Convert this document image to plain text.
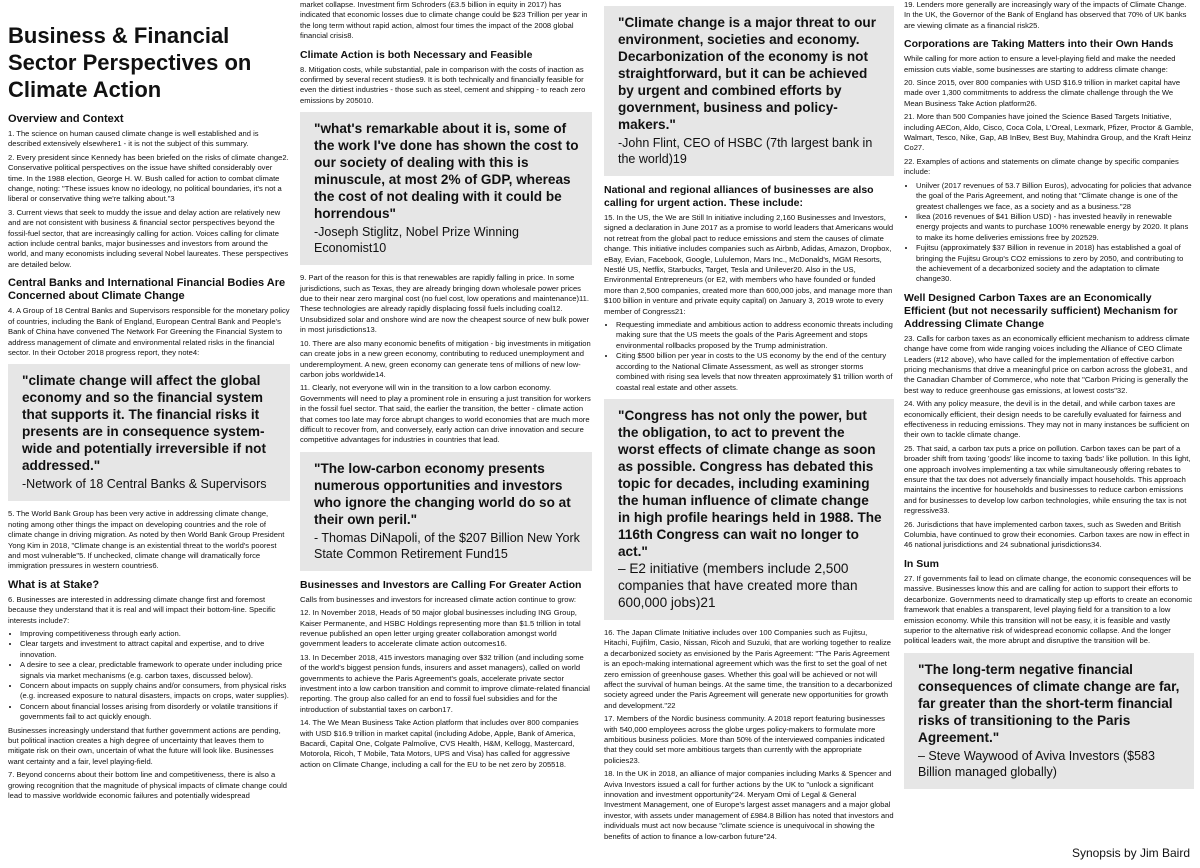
Business & Financial Sector Perspectives on Climate Action
Overview and Context

1. The science on human caused climate change is well established and is described extensively elsewhere1 - it is not the subject of this summary.

2. Every president since Kennedy has been briefed on the risks of climate change2. Conservative political perspectives on the issue have shifted considerably over time. In the 1988 election, George H. W. Bush called for action to combat climate change, noting: "These issues know no ideology, no political boundaries, it's not a liberal or conservative thing we're talking about."3

3. Current views that seek to muddy the issue and delay action are relatively new and are not consistent with business & financial sector perspectives beyond the fossil-fuel sector, that are increasingly calling for action. Voices calling for climate action include central banks, major businesses and investors from around the world, and many economists including several Nobel laureates. These perspectives are detailed below.

Central Banks and International Financial Bodies Are Concerned about Climate Change

4. A Group of 18 Central Banks and Supervisors responsible for the monetary policy of countries, including the Bank of England, European Central Bank and People's Bank of China have convened The Network For Greening the Financial System to address management of climate and environmental related risks in the financial sector. In their October 2018 progress report, they note4:

"climate change will affect the global economy and so the financial system that supports it. The financial risks it presents are in consequence system-wide and potentially irreversible if not addressed."
-Network of 18 Central Banks & Supervisors

5. The World Bank Group has been very active in addressing climate change, noting among other things the impact on developing countries and the role of climate change in driving migration. As noted by then World Bank Group President Yong Kim in 2018, "Climate change is an existential threat to the world's poorest and most vulnerable"5. If unchecked, climate change will dramatically force immigration pressures in western countries6.

What is at Stake?

6. Businesses are interested in addressing climate change first and foremost because they understand that it is real and will impact their bottom-line. Specific interests include7:

• Improving competitiveness through early action.
• Clear targets and investment to attract capital and expertise, and to drive innovation.
• A desire to see a clear, predictable framework to operate under including price signals via market mechanisms (e.g. carbon taxes, discussed below).
• Concern about impacts on supply chains and/or consumers, from physical risks (e.g. increased exposure to natural disasters, impacts on crops, water supplies).
• Concern about financial losses arising from disorderly or volatile transitions if governments fail to act quickly enough.

Businesses increasingly understand that further government actions are pending, but political inaction creates a high degree of uncertainty that leaves them to mitigate risk on their own, uncertain of what the future will look like. Businesses want certainty and a fair, level playing-field.

7. Beyond concerns about their bottom line and competitiveness, there is also a growing recognition that the magnitude of physical impacts of climate change could lead to massive worldwide economic failures and potentially widespread

market collapse. Investment firm Schroders (£3.5 billion in equity in 2017) has indicated that economic losses due to climate change could be $23 Trillion per year in the long term without rapid action, almost four times the impact of the 2008 global financial crisis8.

Climate Action is both Necessary and Feasible

8. Mitigation costs, while substantial, pale in comparison with the costs of inaction as confirmed by several recent studies9. It is both technically and financially feasible for even the dirtiest industries - those such as steel, cement and shipping - to reach zero emissions by 205010.

"what's remarkable about it is, some of the work I've done has shown the cost to our society of dealing with this is minuscule, at most 2% of GDP, whereas the cost of not dealing with it could be horrendous"
-Joseph Stiglitz, Nobel Prize Winning Economist10

9. Part of the reason for this is that renewables are rapidly falling in price. In some jurisdictions, such as Texas, they are already bringing down wholesale power prices due to their near zero marginal cost (no fuel cost, low operations and maintenance)11. These technologies are already rapidly displacing fossil fuels including coal12. Unsubsidized solar and onshore wind are now the cheapest source of new bulk power in most jurisdictions13.

10. There are also many economic benefits of mitigation - big investments in mitigation can create jobs in a new green economy, contributing to reduced unemployment and underemployment. A new, green economy can generate tens of millions of new low-carbon jobs worldwide14.

11. Clearly, not everyone will win in the transition to a low carbon economy. Governments will need to play a prominent role in ensuring a just transition for workers in the fossil fuel sector. That said, the earlier the transition, the better - climate action that comes too late may force abrupt changes to world economies that are much more difficult to recover from, and conversely, early action can drive innovation and secure competitive advantages for industries in countries that lead.

"The low-carbon economy presents numerous opportunities and investors who ignore the changing world do so at their own peril."
- Thomas DiNapoli, of the $207 Billion New York State Common Retirement Fund15
Businesses and Investors are Calling For Greater Action

Calls from businesses and investors for increased climate action continue to grow:

12. In November 2018, Heads of 50 major global businesses including ING Group, Kaiser Permanente, and HSBC Holdings representing more than $1.5 trillion in total revenue published an open letter urging greater collaboration amongst world government leaders to accelerate climate action outcomes16.

13. In December 2018, 415 investors managing over $32 trillion (and including some of the world's biggest pension funds, insurers and asset managers), called on world governments to achieve the Paris Agreement's goals, accelerate private sector investment into a low carbon transition and commit to improve climate-related financial reporting. The group also called for an end to fossil fuel subsidies and for the introduction of substantial taxes on carbon17.

14. The We Mean Business Take Action platform that includes over 800 companies with USD $16.9 trillion in market capital (including Adobe, Apple, Bank of America, Bacardi, Capital One, Colgate Palmolive, CVS Health, H&M, Kellogg, Mastercard, Motorola, Ricoh, T Mobile, Tata Motors, UPS and Visa) has called for aggressive action on Climate Change, including a call for the EU to be net zero by 205518.

"Climate change is a major threat to our environment, societies and economy. Decarbonization of the economy is not straightforward, but it can be achieved by urgent and combined efforts by government, business and policy-makers."
-John Flint, CEO of HSBC (7th largest bank in the world)19
National and regional alliances of businesses are also calling for urgent action. These include:

15. In the US, the We are Still In initiative including 2,160 Businesses and Investors, signed a declaration in June 2017 as a promise to world leaders that Americans would not retreat from the global pact to reduce emissions and stem the causes of climate change. This initiative includes companies such as Airbnb, Adidas, Amazon, Dropbox, eBay, Evian, Facebook, Google, Lululemon, Mars Inc., McDonald's, MGM Resorts, Nestlé US, Netflix, Starbucks, Target, Tesla and Unilever20. Also in the US, Environmental Entrepreneurs (or E2, with members who have founded or funded more than 2,500 companies, created more than 600,000 jobs, and manage more than $100 billion in venture and private equity capital) on January 3, 2019 wrote to every member of Congress21:

• Requesting immediate and ambitious action to address economic threats including making sure that the US meets the goals of the Paris Agreement and stops environmental rollbacks proposed by the Trump administration.
• Citing $500 billion per year in costs to the US economy by the end of the century according to the National Climate Assessment, as well as stronger storms combined with rising sea levels that now threaten approximately $1 trillion worth of coastal real estate and other assets.
"Congress has not only the power, but the obligation, to act to prevent the worst effects of climate change as soon as possible. Congress has debated this topic for decades, including examining the human influence of climate change in high profile hearings held in 1988. The 116th Congress can wait no longer to act."
– E2 initiative (members include 2,500 companies that have created more than 600,000 jobs)21

16. The Japan Climate Initiative includes over 100 Companies such as Fujitsu, Hitachi, Fujifilm, Casio, Nissan, Ricoh and Suzuki, that are working together to realize a decarbonized society as envisioned by the Paris Agreement: "The Paris Agreement is an epoch-making international agreement which was the first to set the goal of net zero emission of greenhouse gases. Whether this goal will be achieved or not will affect the survival of human beings. At the same time, the transition to a decarbonized society agreed under the Paris Agreement will generate new opportunities for growth and development."22

17. Members of the Nordic business community. A 2018 report featuring businesses with 540,000 employees across the globe urges policy-makers to formulate more ambitious business policies. More than 50% of the interviewed companies indicated that they could set more ambitious targets than currently with the appropriate policies23.

18. In the UK in 2018, an alliance of major companies including Marks & Spencer and Aviva Investors issued a call for further actions by the UK to "unlock a significant innovation and investment opportunity"24. Meryam Omi of Legal & General Investment Management, one of Europe's largest asset managers and a major global investor, with assets under management of £984.8 Billion has noted that investors and individuals must act now because "climate science is unequivocal in showing the benefits of action to finance a low-carbon future"24.

19. Lenders more generally are increasingly wary of the impacts of Climate Change. In the UK, the Governor of the Bank of England has observed that 70% of UK banks are viewing climate as a financial risk25.

Corporations are Taking Matters into their Own Hands

While calling for more action to ensure a level-playing field and make the needed emission cuts viable, some businesses are starting to address climate change:

20. Since 2015, over 800 companies with USD $16.9 trillion in market capital have made over 1,300 commitments to address the climate challenge through the We Mean Business Take Action platform26.

21. More than 500 Companies have joined the Science Based Targets Initiative, including AECon, Aldo, Cisco, Coca Cola, L'Oreal, Lexmark, Pfizer, Proctor & Gamble, Walmart, Tesco, Nike, Gap, AB InBev, Best Buy, Mahindra Group, and the Kraft Heinz Co27.

22. Examples of actions and statements on climate change by specific companies include:

• Unilver (2017 revenues of 53.7 Billion Euros), advocating for policies that advance the goal of the Paris Agreement, and noting that "Climate change is one of the greatest challenges we face, as a society and as a business."28
• Ikea (2016 revenues of $41 Billion USD) - has invested heavily in renewable energy projects and wants to purchase 100% renewable energy by 2020. It plans to make its home deliveries emissions free by 202529.
• Fujitsu (approximately $37 Billion in revenue in 2018) has established a goal of bringing the Fujitsu Group's CO2 emissions to zero by 2050, and contributing to the achievement of a decarbonized society and the adaptation to climate change30.
Well Designed Carbon Taxes are an Economically Efficient (but not necessarily sufficient) Mechanism for Addressing Climate Change

23. Calls for carbon taxes as an economically efficient mechanism to address climate change have come from wide ranging voices including the Alliance of CEO Climate Leaders (#12 above), who have called for the implementation of effective carbon pricing mechanisms that drive a meaningful price on carbon across the globe31, and the Canadian Chamber of Commerce, who note that "Carbon Pricing is generally the best way to reduce greenhouse gas emissions, at lowest costs"32.

24. With any policy measure, the devil is in the detail, and while carbon taxes are economically efficient, their design needs to be carefully evaluated for fairness and effectiveness in reducing emissions. They may not in many instances be sufficient on their own to tackle climate change.

25. That said, a carbon tax puts a price on pollution. Carbon taxes can be part of a broader shift from taxing 'goods' like income to taxing 'bads' like pollution. In this light, one approach involves implementing a tax while simultaneously offering rebates to ensure that the tax does not adversely financially impact households. This approach maintains the incentive for households and businesses to reduce carbon emissions and for businesses to develop low carbon technologies, while ensuring the tax is not regressive33.

26. Jurisdictions that have implemented carbon taxes, such as Sweden and British Columbia, have continued to grow their economies. Carbon taxes are now in effect in 46 national jurisdictions and 24 subnational jurisdictions34.

In Sum

27. If governments fail to lead on climate change, the economic consequences will be massive. Businesses know this and are calling for action to support their efforts to decarbonize. Governments need to dramatically step up efforts to create an economic framework that enables a transparent, level playing field for a transition to a low emission economy. While this transition will not be easy, it is feasible and vastly superior to the alternative risk of widespread economic collapse. And the longer political leaders wait, the more abrupt and disruptive the transition will be.

"The long-term negative financial consequences of climate change are far, far greater than the short-term financial risks of transitioning to the Paris Agreement."
– Steve Waywood of Aviva Investors ($583 Billion managed globally)
Synopsis by Jim Baird
